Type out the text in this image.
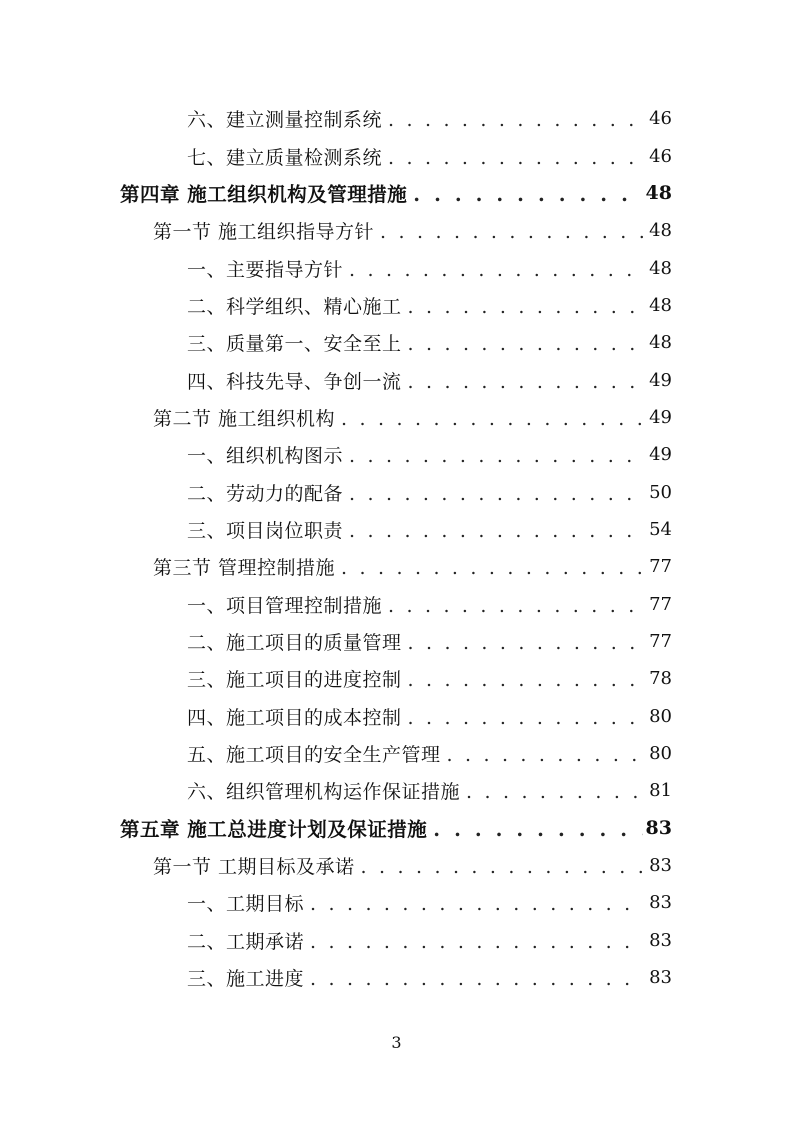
六、建立测量控制系统 . . .	46
七、建立质量检测系统 . . .	46
第四章 施工组织机构及管理措施 . . .	48
第一节 施工组织指导方针 . . .	48
一、主要指导方针 . . .	48
二、科学组织、精心施工 . . .	48
三、质量第一、安全至上 . . .	48
四、科技先导、争创一流 . . .	49
第二节 施工组织机构 . . .	49
一、组织机构图示 . . .	49
二、劳动力的配备 . . .	50
三、项目岗位职责 . . .	54
第三节 管理控制措施 . . .	77
一、项目管理控制措施 . . .	77
二、施工项目的质量管理 . . .	77
三、施工项目的进度控制 . . .	78
四、施工项目的成本控制 . . .	80
五、施工项目的安全生产管理 . . .	80
六、组织管理机构运作保证措施 . . .	81
第五章 施工总进度计划及保证措施 . . .	83
第一节 工期目标及承诺 . . .	83
一、工期目标 . . .	83
二、工期承诺 . . .	83
三、施工进度 . . .	83
3
